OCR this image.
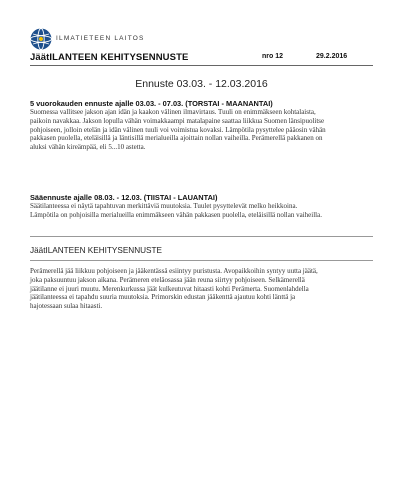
ILMATIETEEN LAITOS
JäätILANTEEN KEHITYSENNUSTE	nro 12	29.2.2016
Ennuste 03.03. - 12.03.2016
5 vuorokauden ennuste ajalle 03.03. - 07.03. (TORSTAI - MAANANTAI)
Suomessa vallitsee jakson ajan idän ja kaakon välinen ilmavirtaus. Tuuli on enimmäkseen kohtalaista,
paikoin navakkaa. Jakson lopulla vähän voimakkaampi matalapaine saattaa liikkua Suomen länsipuolitse
pohjoiseen, jolloin etelän ja idän välinen tuuli voi voimistua kovaksi. Lämpötila pysyttelee pääosin vähän
pakkasen puolella, eteläisillä ja läntisillä merialueilla ajoittain nollan vaiheilla. Perämerellä pakkanen on
aluksi vähän kireämpää, eli 5...10 astetta.
Sääennuste ajalle 08.03. - 12.03. (TIISTAI - LAUANTAI)
Säätilanteessa ei näytä tapahtuvan merkittäviä muutoksia. Tuulet pysyttelevät melko heikkoina.
Lämpötila on pohjoisilla merialueilla enimmäkseen vähän pakkasen puolella, eteläisillä nollan vaiheilla.
JäätILANTEEN KEHITYSENNUSTE
Perämerellä jää liikkuu pohjoiseen ja jääkentässä esiintyy puristusta. Avopaikkoihin syntyy uutta jäätä,
joka paksuuntuu jakson aikana. Perämeren eteläosassa jään reuna siirtyy pohjoiseen. Selkämerellä
jäätilanne ei juuri muutu. Merenkurkussa jäät kulkeutuvat hitaasti kohti Perämerta. Suomenlahdella
jäätilanteessa ei tapahdu suuria muutoksia. Primorskin edustan jääkenttä ajautuu kohti länttä ja
hajotessaan sulaa hitaasti.
